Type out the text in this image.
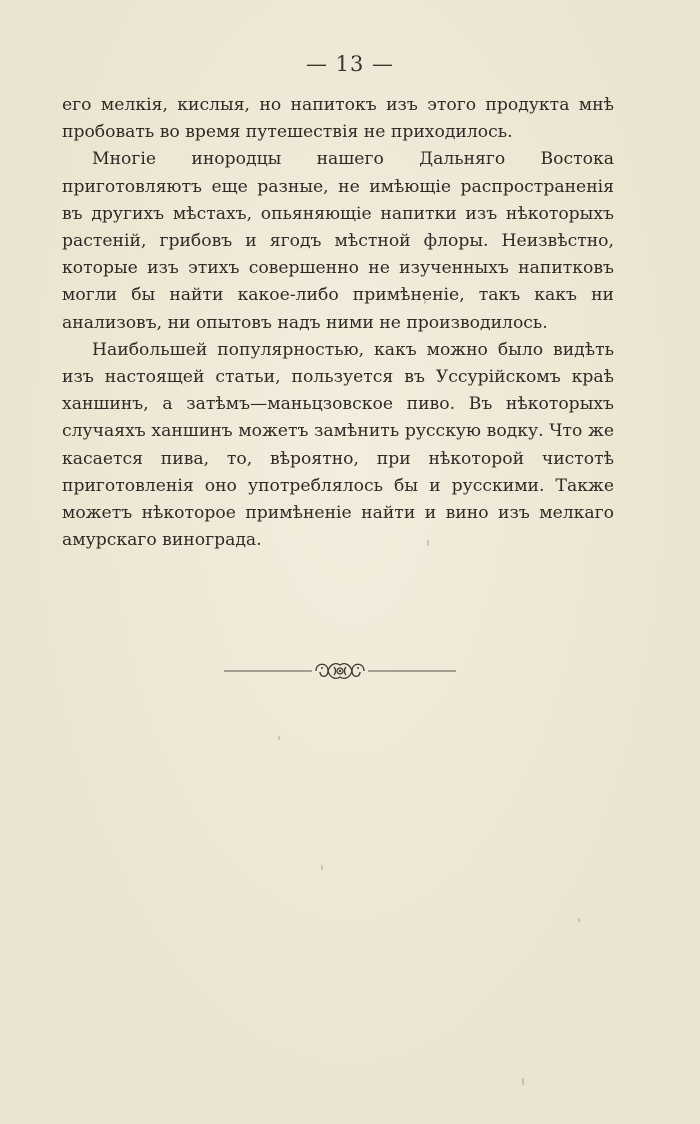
— 13 —

его мелкія, кислыя, но напитокъ изъ этого продукта мнѣ пробовать во время путешествія не приходилось.

Многіе инородцы нашего Дальняго Востока приготовляютъ еще разные, не имѣющіе распространенія въ другихъ мѣстахъ, опьяняющіе напитки изъ нѣкоторыхъ растеній, грибовъ и ягодъ мѣстной флоры. Неизвѣстно, которые изъ этихъ совершенно не изученныхъ напитковъ могли бы найти какое-либо примѣненіе, такъ какъ ни анализовъ, ни опытовъ надъ ними не производилось.

Наибольшей популярностью, какъ можно было видѣть изъ настоящей статьи, пользуется въ Уссурійскомъ краѣ ханшинъ, а затѣмъ—маньцзовское пиво. Въ нѣкоторыхъ случаяхъ ханшинъ можетъ замѣнить русскую водку. Что же касается пива, то, вѣроятно, при нѣкоторой чистотѣ приготовленія оно употреблялось бы и русскими. Также можетъ нѣкоторое примѣненіе найти и вино изъ мелкаго амурскаго винограда.
